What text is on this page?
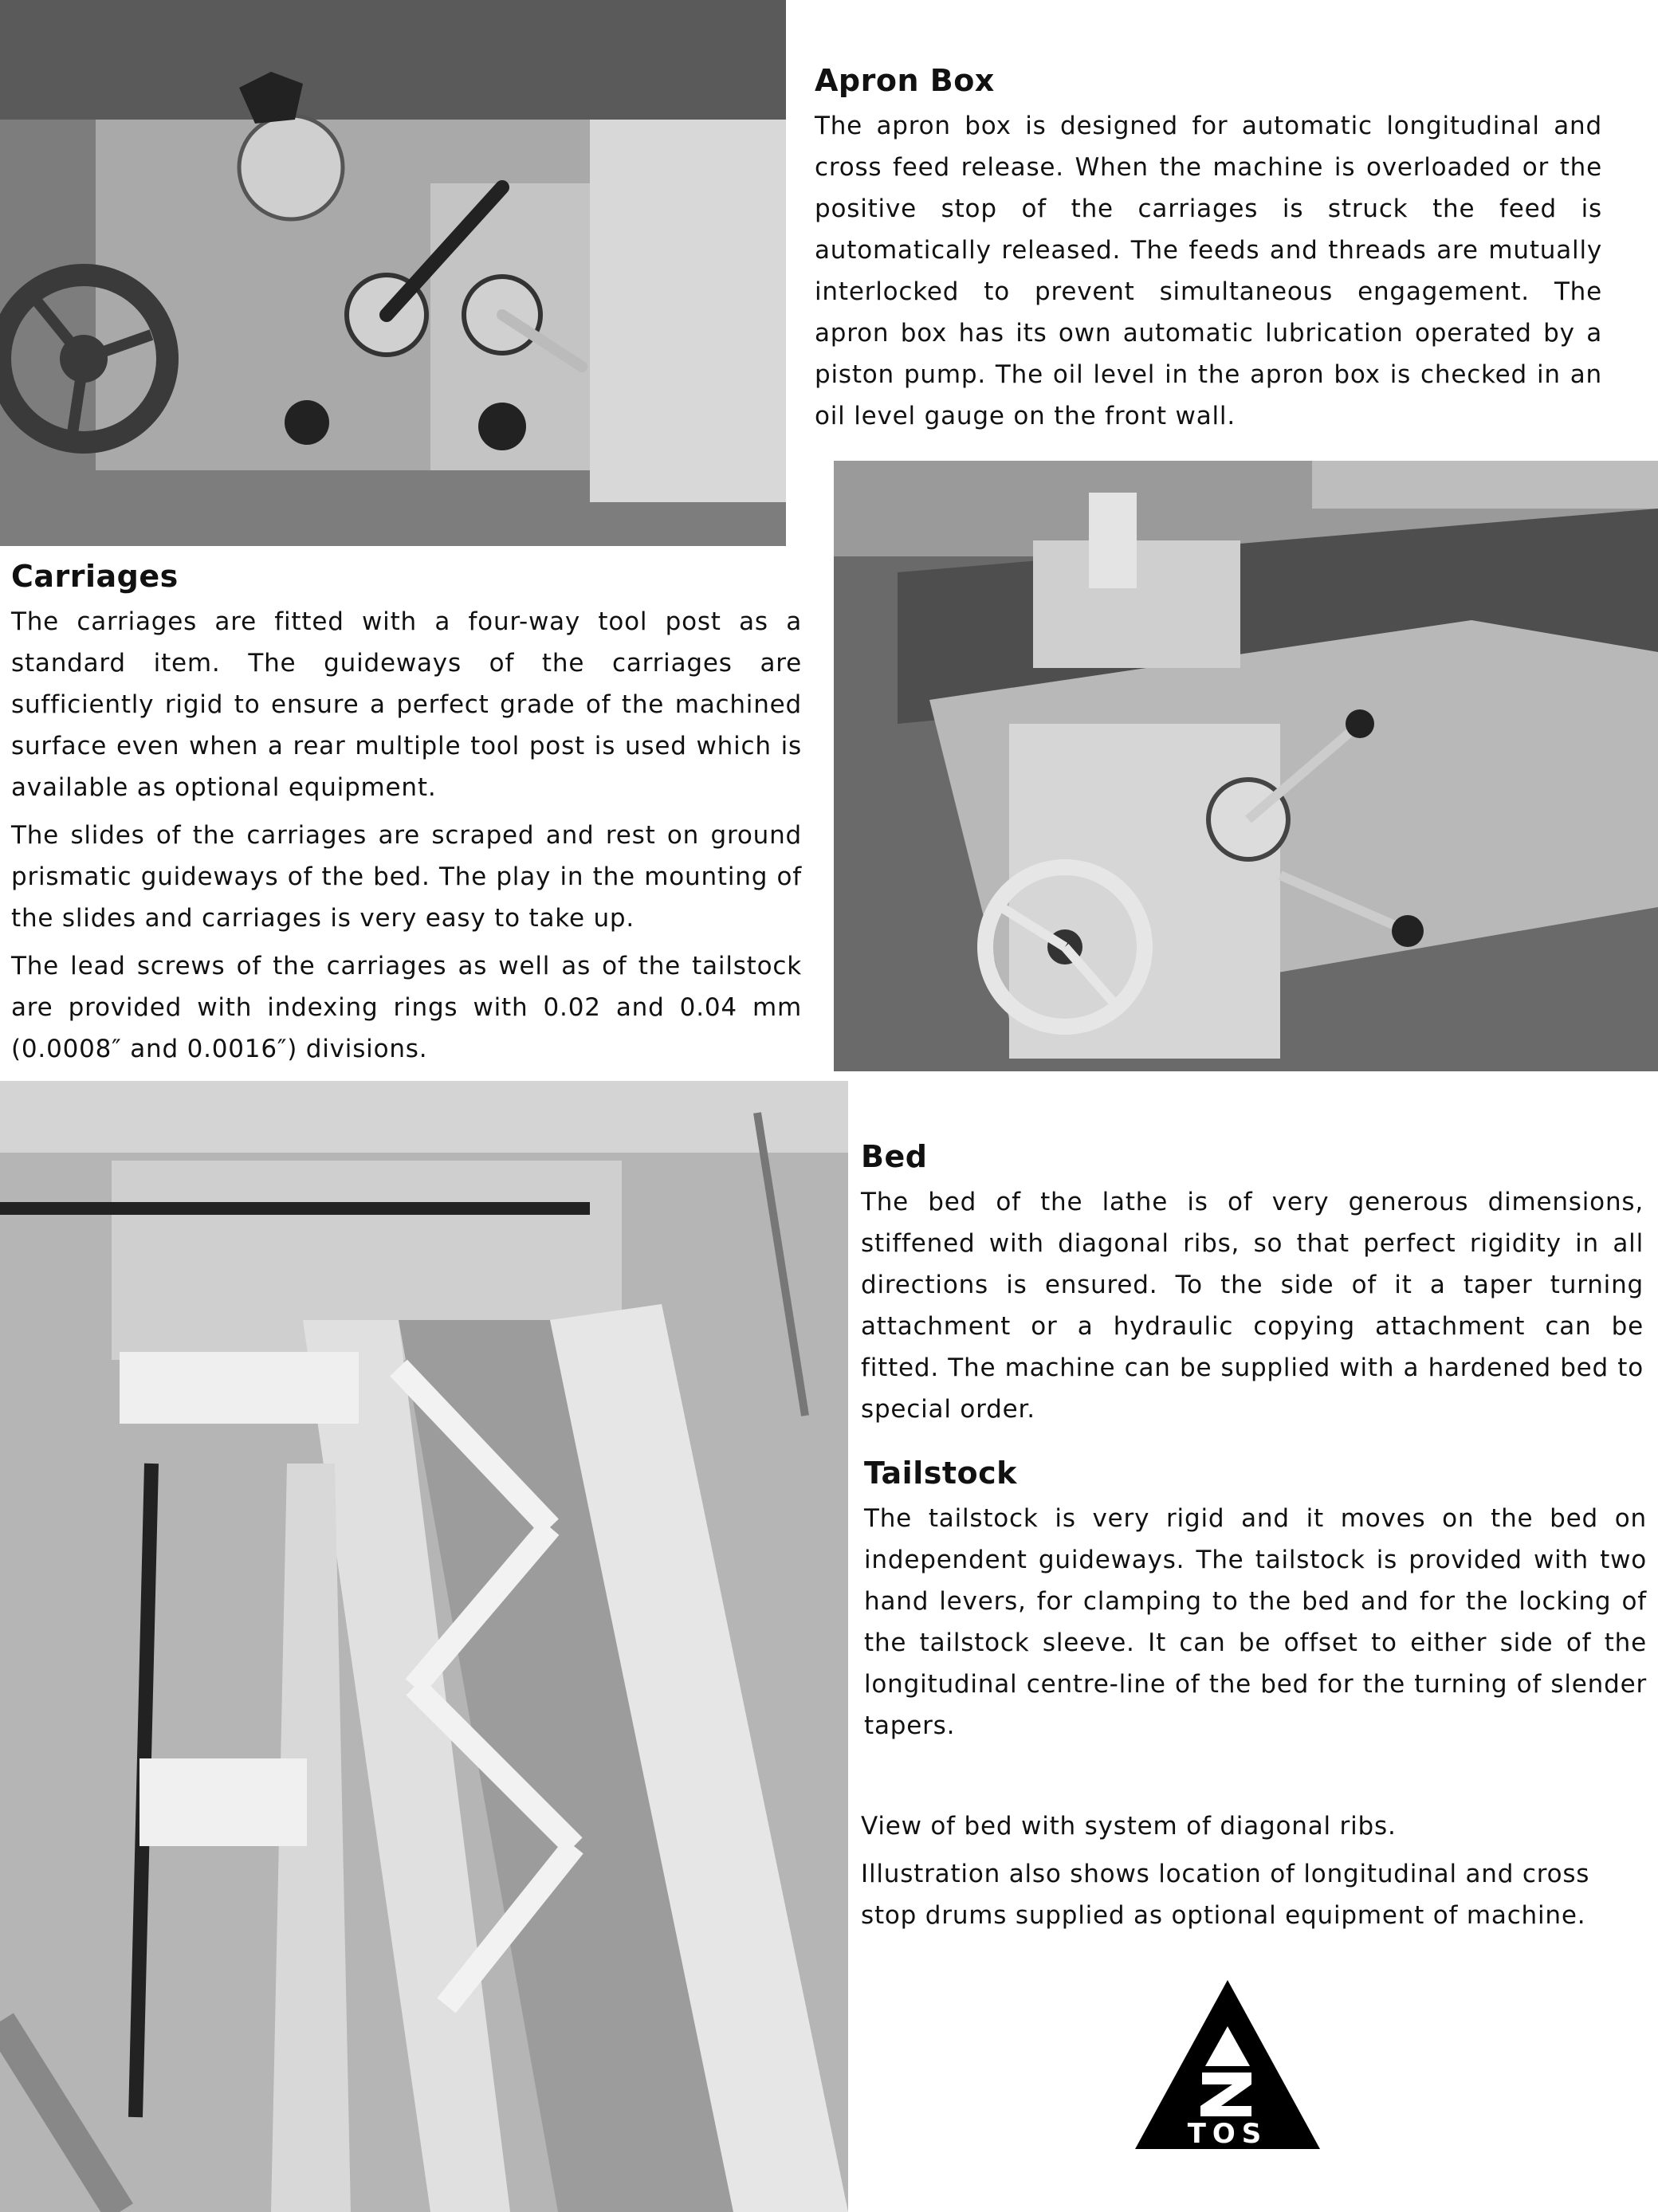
Apron Box

The apron box is designed for automatic longitudinal and cross feed release. When the machine is overloaded or the positive stop of the carriages is struck the feed is automatically released. The feeds and threads are mutually interlocked to prevent simultaneous engagement. The apron box has its own automatic lubrication operated by a piston pump. The oil level in the apron box is checked in an oil level gauge on the front wall.

Carriages

The carriages are fitted with a four-way tool post as a standard item. The guideways of the carriages are sufficiently rigid to ensure a perfect grade of the machined surface even when a rear multiple tool post is used which is available as optional equipment.

The slides of the carriages are scraped and rest on ground prismatic guideways of the bed. The play in the mounting of the slides and carriages is very easy to take up.

The lead screws of the carriages as well as of the tailstock are provided with indexing rings with 0.02 and 0.04 mm (0.0008″ and 0.0016″) divisions.

Bed

The bed of the lathe is of very generous dimensions, stiffened with diagonal ribs, so that perfect rigidity in all directions is ensured. To the side of it a taper turning attachment or a hydraulic copying attachment can be fitted. The machine can be supplied with a hardened bed to special order.

Tailstock

The tailstock is very rigid and it moves on the bed on independent guideways. The tailstock is provided with two hand levers, for clamping to the bed and for the locking of the tailstock sleeve. It can be offset to either side of the longitudinal centre-line of the bed for the turning of slender tapers.

View of bed with system of diagonal ribs.

Illustration also shows location of longitudinal and cross stop drums supplied as optional equipment of machine.

TOS
